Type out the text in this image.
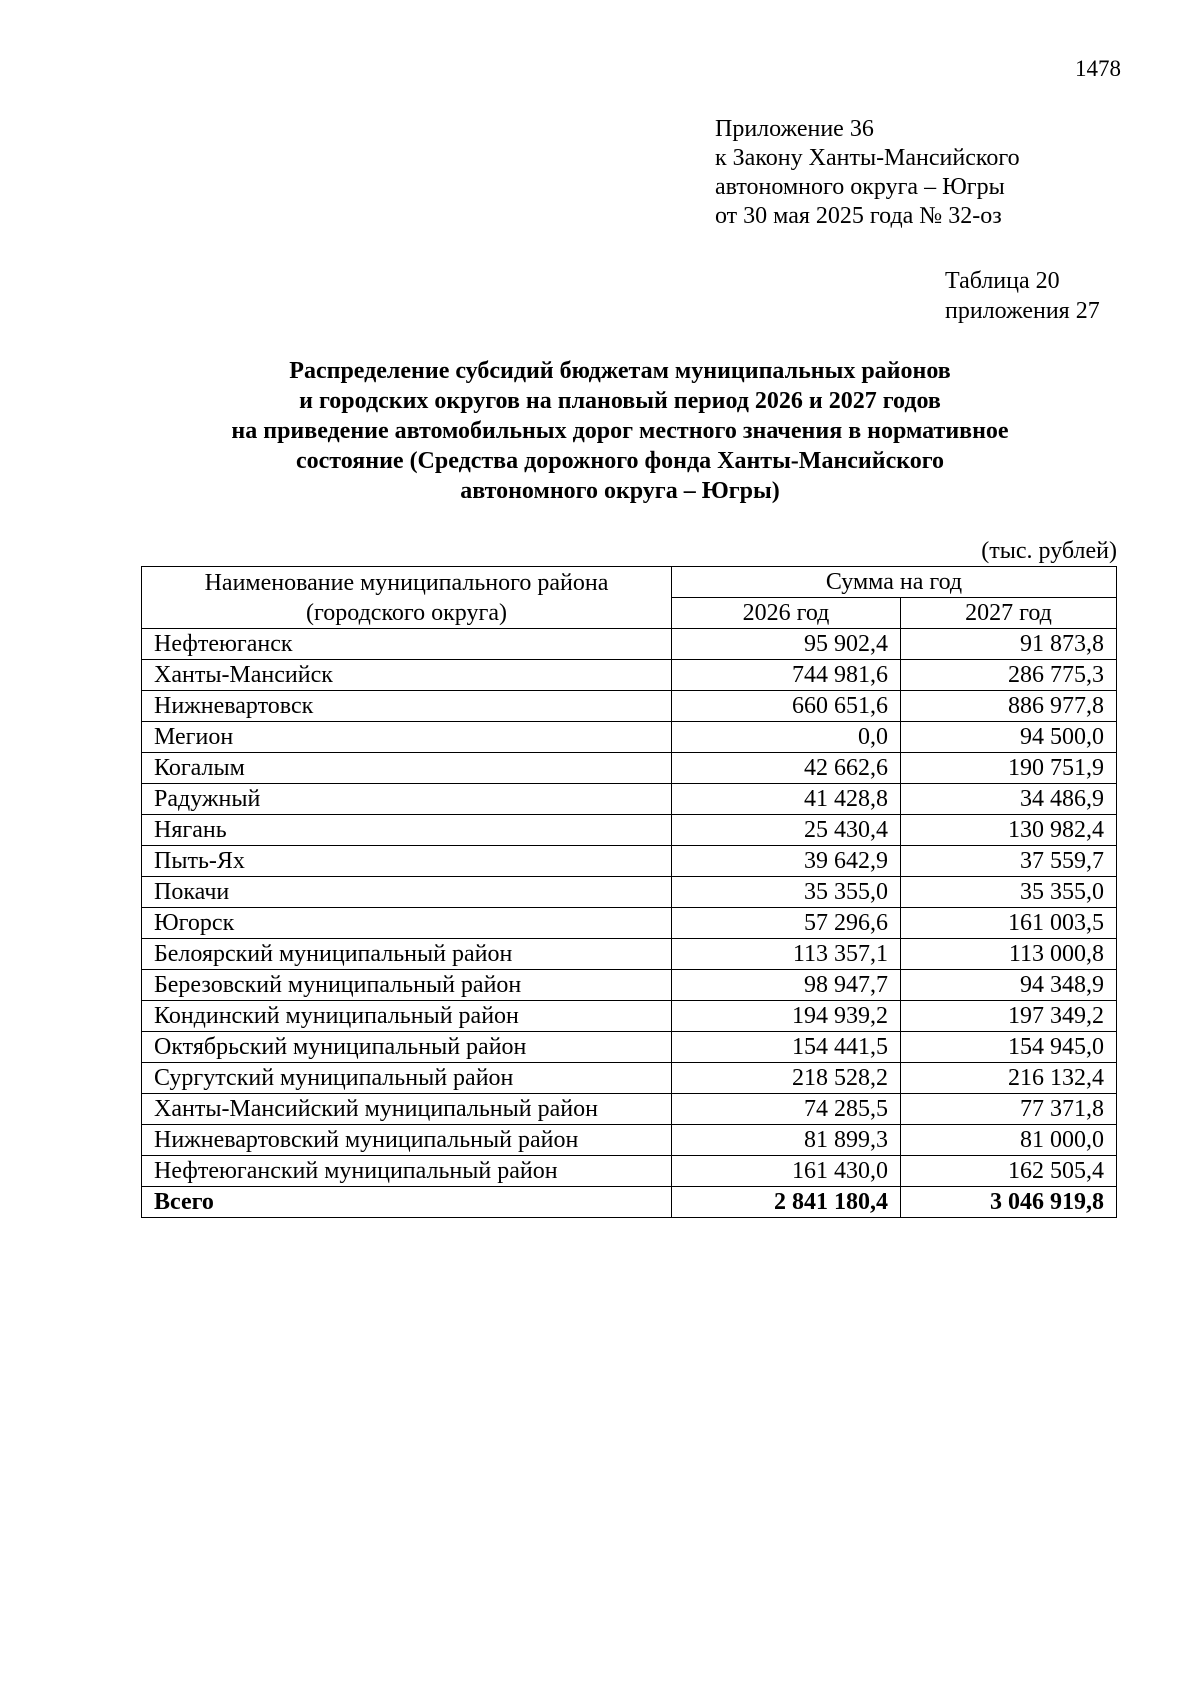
1478
Приложение 36
к Закону Ханты-Мансийского
автономного округа – Югры
от 30 мая 2025 года № 32-оз
Таблица 20
приложения 27
Распределение субсидий бюджетам муниципальных районов
и городских округов на плановый период 2026 и 2027 годов
на приведение автомобильных дорог местного значения в нормативное
состояние (Средства дорожного фонда Ханты-Мансийского
автономного округа – Югры)
(тыс. рублей)
Наименование муниципального района
(городского округа)	Сумма на год	
	2026 год	2027 год
Нефтеюганск	95 902,4	91 873,8
Ханты-Мансийск	744 981,6	286 775,3
Нижневартовск	660 651,6	886 977,8
Мегион	0,0	94 500,0
Когалым	42 662,6	190 751,9
Радужный	41 428,8	34 486,9
Нягань	25 430,4	130 982,4
Пыть-Ях	39 642,9	37 559,7
Покачи	35 355,0	35 355,0
Югорск	57 296,6	161 003,5
Белоярский муниципальный район	113 357,1	113 000,8
Березовский муниципальный район	98 947,7	94 348,9
Кондинский муниципальный район	194 939,2	197 349,2
Октябрьский муниципальный район	154 441,5	154 945,0
Сургутский муниципальный район	218 528,2	216 132,4
Ханты-Мансийский муниципальный район	74 285,5	77 371,8
Нижневартовский муниципальный район	81 899,3	81 000,0
Нефтеюганский муниципальный район	161 430,0	162 505,4
Всего	2 841 180,4	3 046 919,8
